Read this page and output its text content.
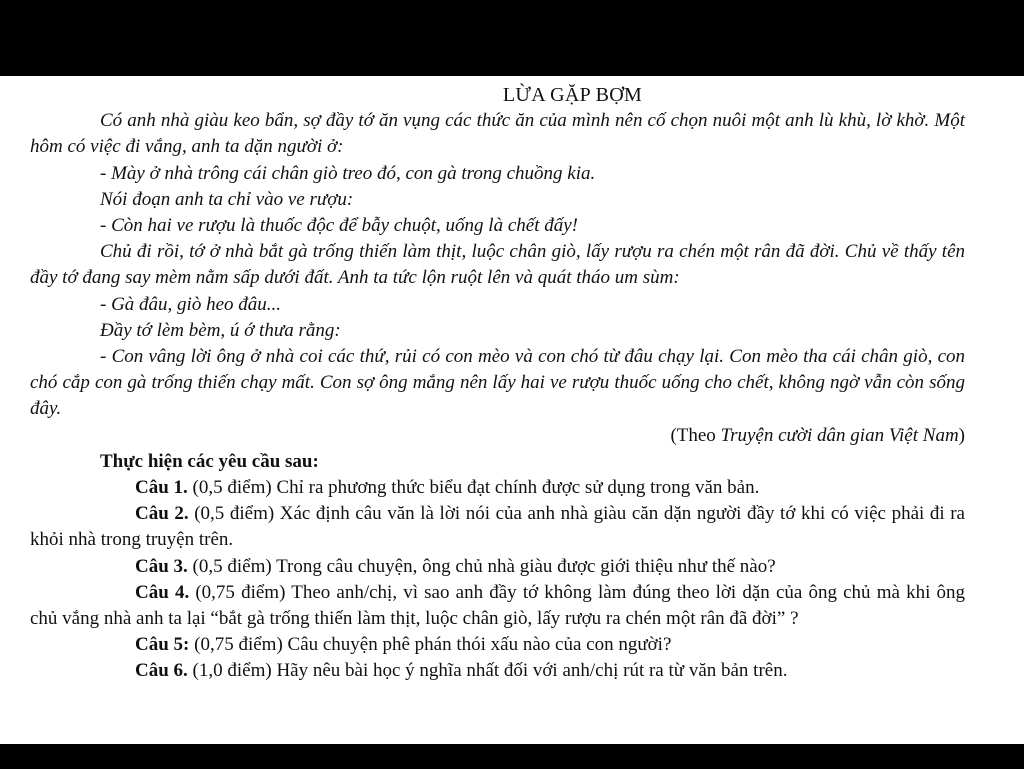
LỪA GẶP BỢM

Có anh nhà giàu keo bẩn, sợ đầy tớ ăn vụng các thức ăn của mình nên cố chọn nuôi một anh lù khù, lờ khờ. Một hôm có việc đi vắng, anh ta dặn người ở:

- Mày ở nhà trông cái chân giò treo đó, con gà trong chuồng kia.

Nói đoạn anh ta chỉ vào ve rượu:

- Còn hai ve rượu là thuốc độc để bẫy chuột, uống là chết đấy!

Chủ đi rồi, tớ ở nhà bắt gà trống thiến làm thịt, luộc chân giò, lấy rượu ra chén một rân đã đời. Chủ về thấy tên đầy tớ đang say mèm nằm sấp dưới đất. Anh ta tức lộn ruột lên và quát tháo um sùm:

- Gà đâu, giò heo đâu...

Đầy tớ lèm bèm, ú ớ thưa rằng:

- Con vâng lời ông ở nhà coi các thứ, rủi có con mèo và con chó từ đâu chạy lại. Con mèo tha cái chân giò, con chó cắp con gà trống thiến chạy mất. Con sợ ông mắng nên lấy hai ve rượu thuốc uống cho chết, không ngờ vẫn còn sống đây.

(Theo Truyện cười dân gian Việt Nam)

Thực hiện các yêu cầu sau:

Câu 1. (0,5 điểm) Chỉ ra phương thức biểu đạt chính được sử dụng trong văn bản.

Câu 2. (0,5 điểm) Xác định câu văn là lời nói của anh nhà giàu căn dặn người đầy tớ khi có việc phải đi ra khỏi nhà trong truyện trên.

Câu 3. (0,5 điểm) Trong câu chuyện, ông chủ nhà giàu được giới thiệu như thế nào?

Câu 4. (0,75 điểm) Theo anh/chị, vì sao anh đầy tớ không làm đúng theo lời dặn của ông chủ mà khi ông chủ vắng nhà anh ta lại “bắt gà trống thiến làm thịt, luộc chân giò, lấy rượu ra chén một rân đã đời” ?

Câu 5: (0,75 điểm) Câu chuyện phê phán thói xấu nào của con người?

Câu 6. (1,0 điểm) Hãy nêu bài học ý nghĩa nhất đối với anh/chị rút ra từ văn bản trên.
